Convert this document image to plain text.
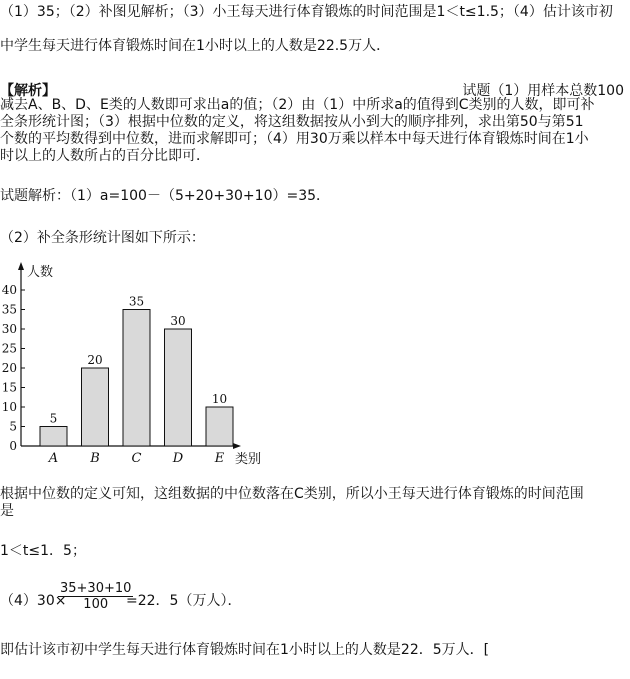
（1）35；（2）补图见解析；（3）小王每天进行体育锻炼的时间范围是1＜t≤1.5；（4）估计该市初
中学生每天进行体育锻炼时间在1小时以上的人数是22.5万人．
【解析】	试题（1）用样本总数100
减去A、B、D、E类的人数即可求出a的值；（2）由（1）中所求a的值得到C类别的人数，即可补
全条形统计图；（3）根据中位数的定义，将这组数据按从小到大的顺序排列，求出第50与第51
个数的平均数得到中位数，进而求解即可；（4）用30万乘以样本中每天进行体育锻炼时间在1小
时以上的人数所占的百分比即可．
试题解析：（1）a=100－（5+20+30+10）=35．
（2）补全条形统计图如下所示：
0
5
10
15
20
25
30
35
40
人数
类别
5
A
20
B
35
C
30
D
10
E
根据中位数的定义可知，这组数据的中位数落在C类别，所以小王每天进行体育锻炼的时间范围
是
1＜t≤1．5；
（4）30×
$\frac{35+30+10}{100}$
=22．5（万人）．
即估计该市初中学生每天进行体育锻炼时间在1小时以上的人数是22．5万人．[
